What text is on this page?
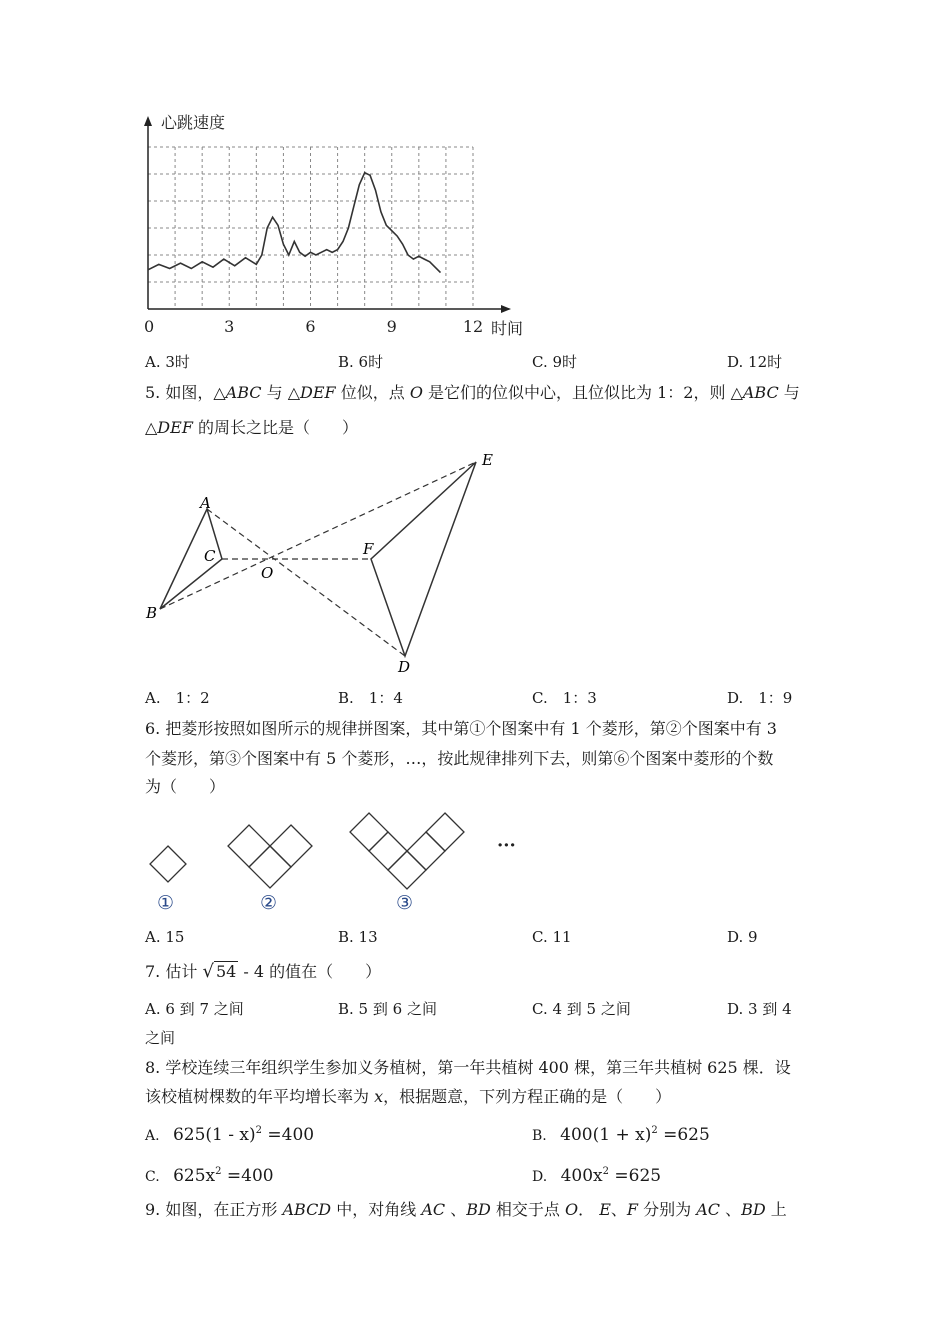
心跳速度
时间
0	3	6	9	12
A. 3时	B. 6时	C. 9时	D. 12时
5. 如图，△ABC 与 △DEF 位似，点 O 是它们的位似中心，且位似比为 1：2，则 △ABC 与
△DEF 的周长之比是（　　）
A
B
C
O
F
E
D
A.　1：2	B.　1：4	C.　1：3	D.　1：9
6. 把菱形按照如图所示的规律拼图案，其中第①个图案中有 1 个菱形，第②个图案中有 3
个菱形，第③个图案中有 5 个菱形，…，按此规律排列下去，则第⑥个图案中菱形的个数
为（　　）
①	②	③
···
A. 15	B. 13	C. 11	D. 9
7. 估计 √ 54 - 4 的值在（　　）
A. 6 到 7 之间	B. 5 到 6 之间	C. 4 到 5 之间	D. 3 到 4
之间
8. 学校连续三年组织学生参加义务植树，第一年共植树 400 棵，第三年共植树 625 棵．设
该校植树棵数的年平均增长率为 x，根据题意，下列方程正确的是（　　）
A. 625(1 - x)$^2$ =400	B. $400(1 + x)^2 =625$
C. $625x^2 =400$	D. $400x^2 =625$
9. 如图，在正方形 ABCD 中，对角线 AC 、BD 相交于点 O． E、F 分别为 AC 、BD 上
